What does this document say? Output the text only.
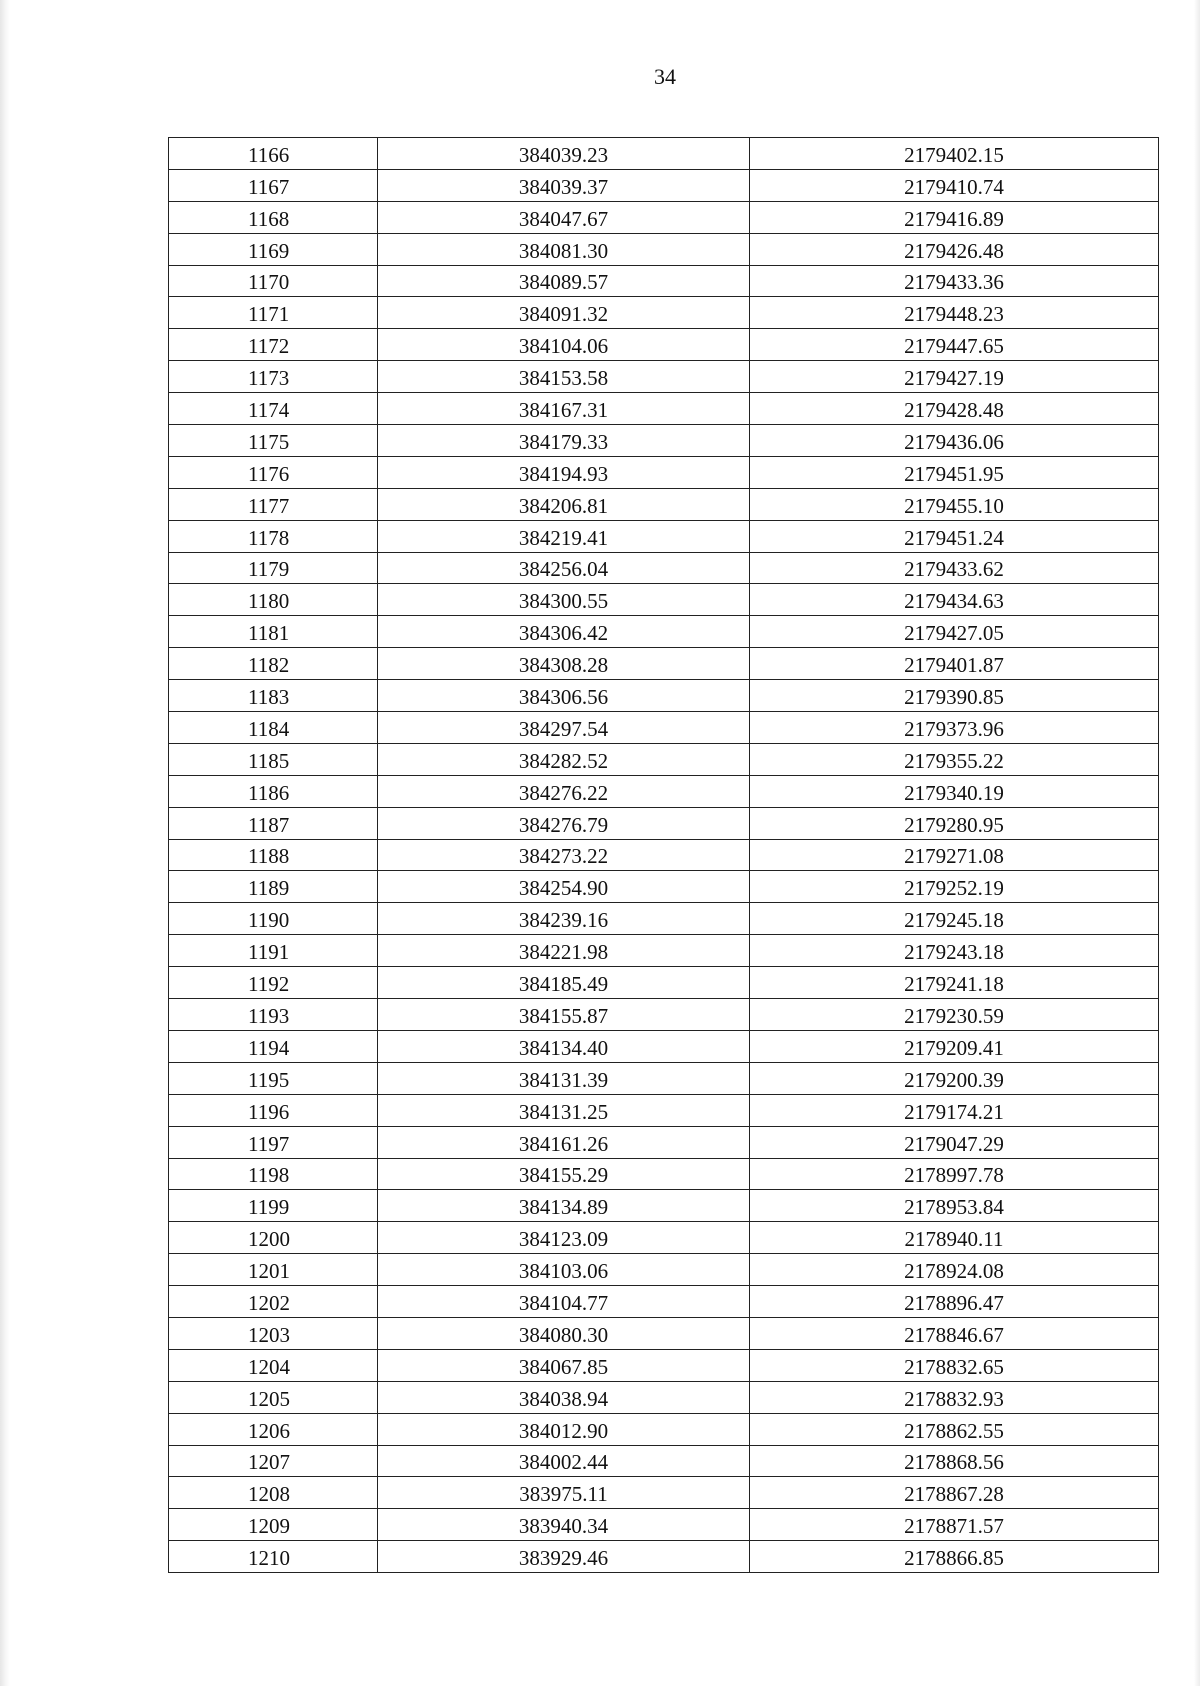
34
1166	384039.23	2179402.15
1167	384039.37	2179410.74
1168	384047.67	2179416.89
1169	384081.30	2179426.48
1170	384089.57	2179433.36
1171	384091.32	2179448.23
1172	384104.06	2179447.65
1173	384153.58	2179427.19
1174	384167.31	2179428.48
1175	384179.33	2179436.06
1176	384194.93	2179451.95
1177	384206.81	2179455.10
1178	384219.41	2179451.24
1179	384256.04	2179433.62
1180	384300.55	2179434.63
1181	384306.42	2179427.05
1182	384308.28	2179401.87
1183	384306.56	2179390.85
1184	384297.54	2179373.96
1185	384282.52	2179355.22
1186	384276.22	2179340.19
1187	384276.79	2179280.95
1188	384273.22	2179271.08
1189	384254.90	2179252.19
1190	384239.16	2179245.18
1191	384221.98	2179243.18
1192	384185.49	2179241.18
1193	384155.87	2179230.59
1194	384134.40	2179209.41
1195	384131.39	2179200.39
1196	384131.25	2179174.21
1197	384161.26	2179047.29
1198	384155.29	2178997.78
1199	384134.89	2178953.84
1200	384123.09	2178940.11
1201	384103.06	2178924.08
1202	384104.77	2178896.47
1203	384080.30	2178846.67
1204	384067.85	2178832.65
1205	384038.94	2178832.93
1206	384012.90	2178862.55
1207	384002.44	2178868.56
1208	383975.11	2178867.28
1209	383940.34	2178871.57
1210	383929.46	2178866.85
